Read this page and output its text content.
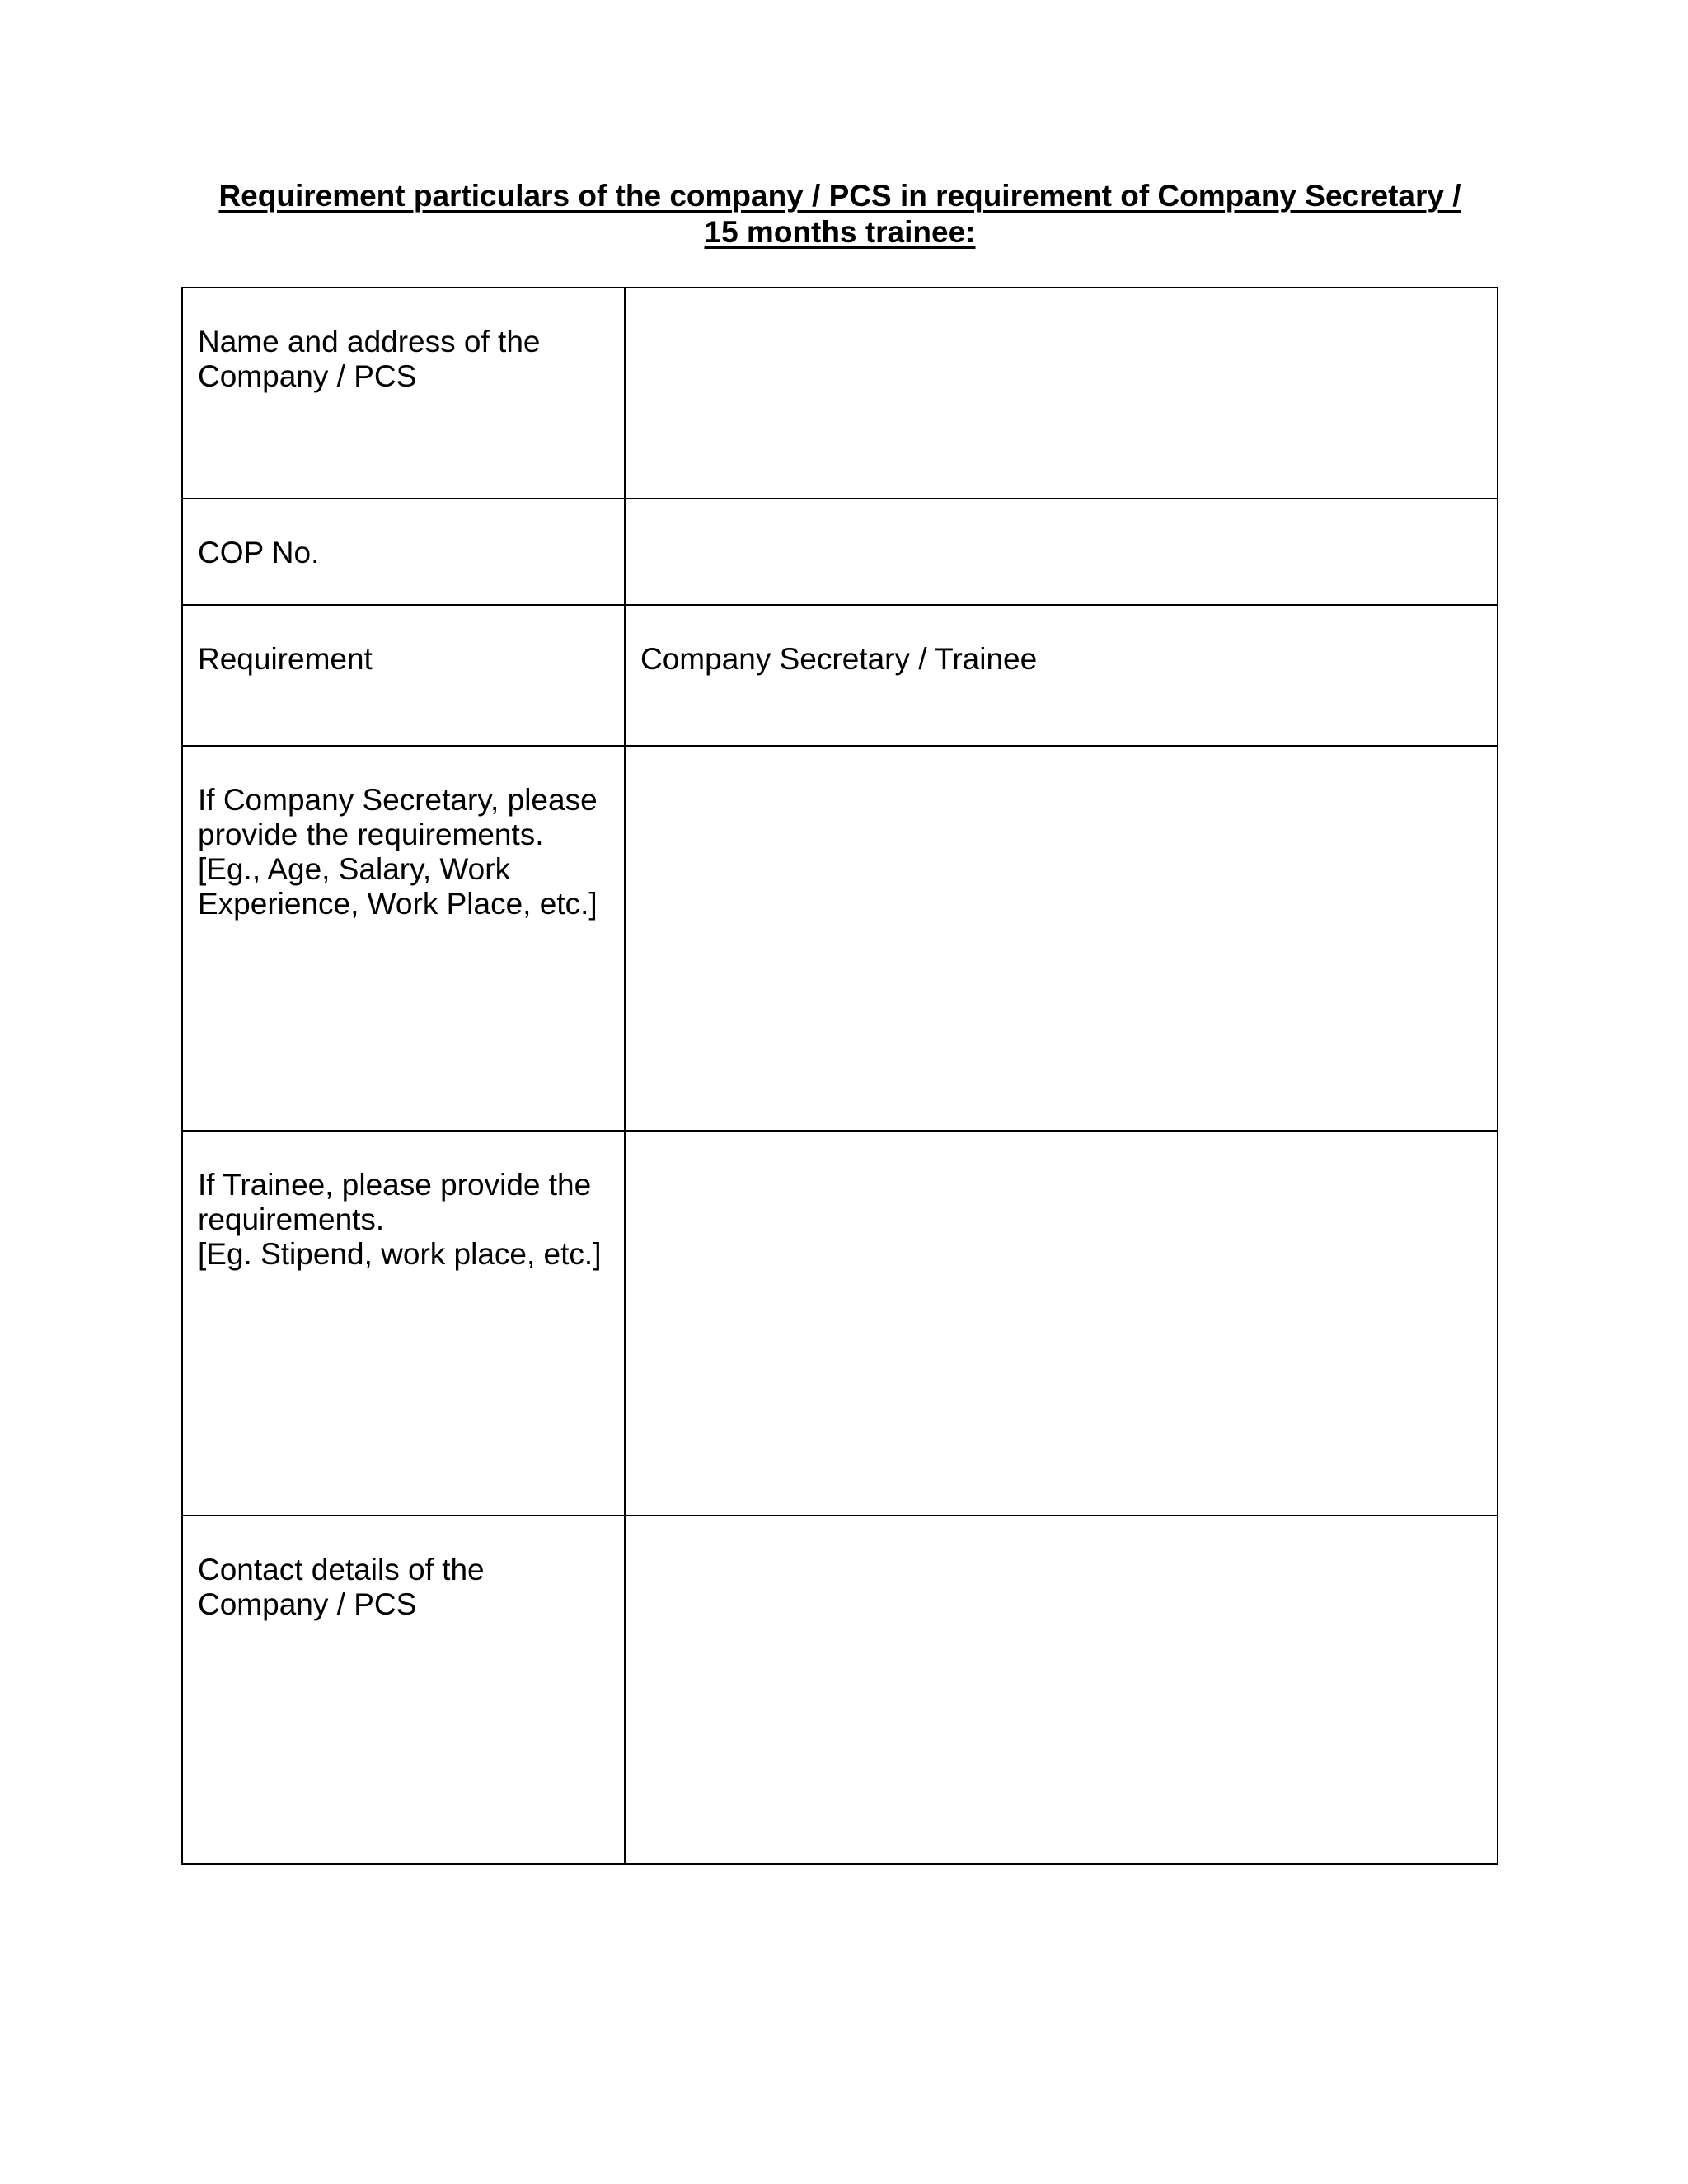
Requirement particulars of the company / PCS in requirement of Company Secretary /
15 months trainee:
Name and address of the
Company / PCS	

COP No.	

Requirement	Company Secretary / Trainee

If Company Secretary, please
provide the requirements.
[Eg., Age, Salary, Work
Experience, Work Place, etc.]	

If Trainee, please provide the
requirements.
[Eg. Stipend, work place, etc.]	

Contact details of the
Company / PCS	
